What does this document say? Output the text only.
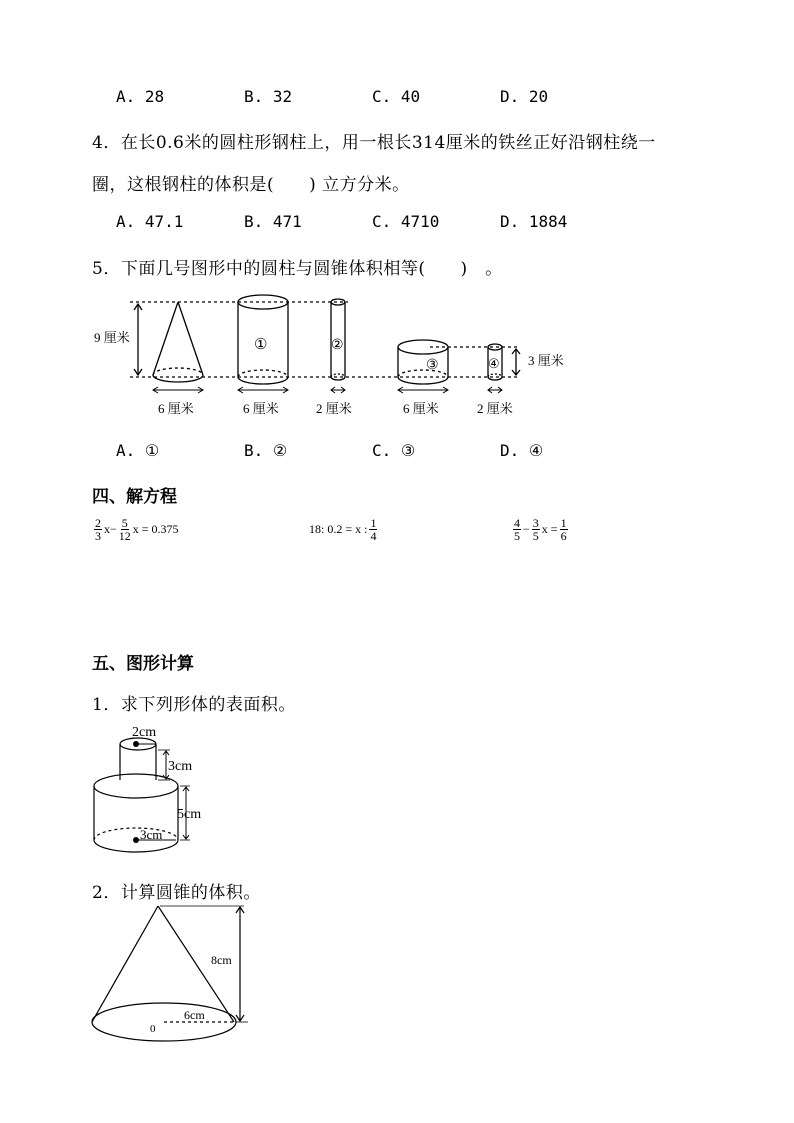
A. 28	B. 32	C. 40	D. 20
4．在长0.6米的圆柱形钢柱上，用一根长314厘米的铁丝正好沿钢柱绕一
圈，这根钢柱的体积是(　　) 立方分米。
A. 47.1	B. 471	C. 4710	D. 1884
5．下面几号图形中的圆柱与圆锥体积相等(　　)　。
9 厘米
3 厘米
①	②
③	④
6 厘米	6 厘米	2 厘米	6 厘米	2 厘米
A. ①	B. ②	C. ③	D. ④
四、解方程
$\frac{2}{3} x- \frac{5}{12}$ x = 0.375	18: 0.2 = x : $\frac{1}{4}$	$\frac{4}{5} - \frac{3}{5}$ $x = \frac{1}{6}$
五、图形计算
1．求下列形体的表面积。
2cm
3cm
5cm
3cm
2．计算圆锥的体积。
8cm
6cm
0
